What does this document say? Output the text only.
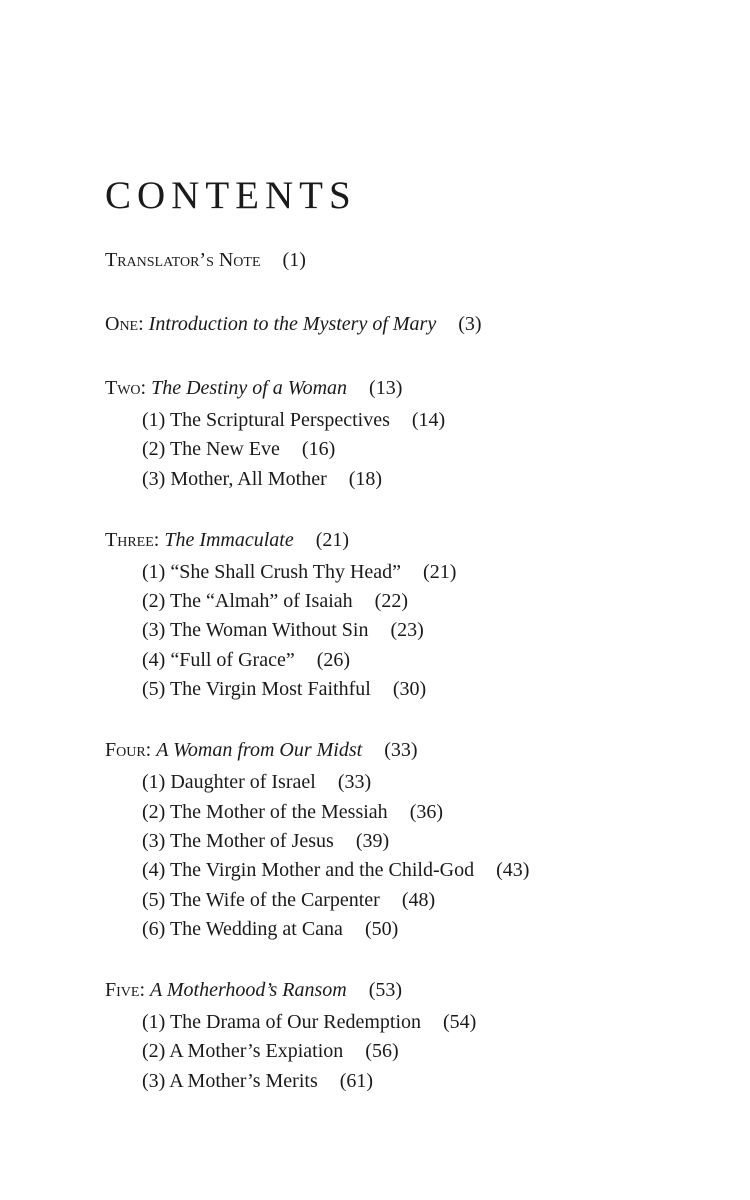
CONTENTS
Translator’s Note (1)
One: Introduction to the Mystery of Mary (3)
Two: The Destiny of a Woman (13)
(1) The Scriptural Perspectives (14)
(2) The New Eve (16)
(3) Mother, All Mother (18)
Three: The Immaculate (21)
(1) “She Shall Crush Thy Head” (21)
(2) The “Almah” of Isaiah (22)
(3) The Woman Without Sin (23)
(4) “Full of Grace” (26)
(5) The Virgin Most Faithful (30)
Four: A Woman from Our Midst (33)
(1) Daughter of Israel (33)
(2) The Mother of the Messiah (36)
(3) The Mother of Jesus (39)
(4) The Virgin Mother and the Child-God (43)
(5) The Wife of the Carpenter (48)
(6) The Wedding at Cana (50)
Five: A Motherhood’s Ransom (53)
(1) The Drama of Our Redemption (54)
(2) A Mother’s Expiation (56)
(3) A Mother’s Merits (61)
